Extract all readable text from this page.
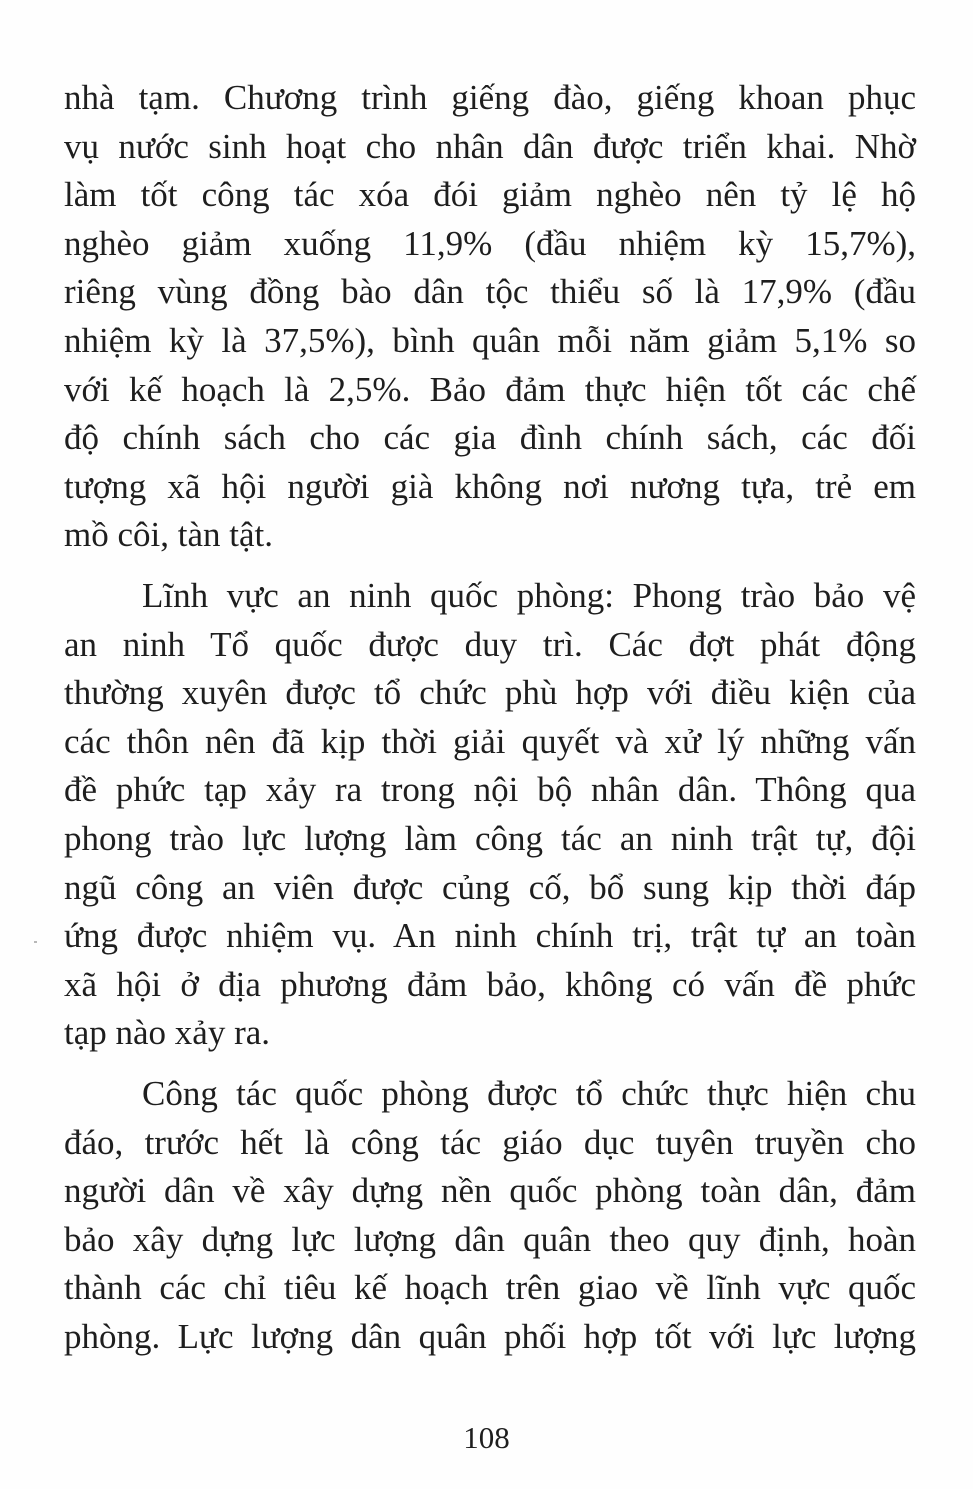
nhà tạm. Chương trình giếng đào, giếng khoan phục
vụ nước sinh hoạt cho nhân dân được triển khai. Nhờ
làm tốt công tác xóa đói giảm nghèo nên tỷ lệ hộ
nghèo giảm xuống 11,9% (đầu nhiệm kỳ 15,7%),
riêng vùng đồng bào dân tộc thiểu số là 17,9% (đầu
nhiệm kỳ là 37,5%), bình quân mỗi năm giảm 5,1% so
với kế hoạch là 2,5%. Bảo đảm thực hiện tốt các chế
độ chính sách cho các gia đình chính sách, các đối
tượng xã hội người già không nơi nương tựa, trẻ em
mồ côi, tàn tật.
Lĩnh vực an ninh quốc phòng: Phong trào bảo vệ
an ninh Tổ quốc được duy trì. Các đợt phát động
thường xuyên được tổ chức phù hợp với điều kiện của
các thôn nên đã kịp thời giải quyết và xử lý những vấn
đề phức tạp xảy ra trong nội bộ nhân dân. Thông qua
phong trào lực lượng làm công tác an ninh trật tự, đội
ngũ công an viên được củng cố, bổ sung kịp thời đáp
ứng được nhiệm vụ. An ninh chính trị, trật tự an toàn
xã hội ở địa phương đảm bảo, không có vấn đề phức
tạp nào xảy ra.
Công tác quốc phòng được tổ chức thực hiện chu
đáo, trước hết là công tác giáo dục tuyên truyền cho
người dân về xây dựng nền quốc phòng toàn dân, đảm
bảo xây dựng lực lượng dân quân theo quy định, hoàn
thành các chỉ tiêu kế hoạch trên giao về lĩnh vực quốc
phòng. Lực lượng dân quân phối hợp tốt với lực lượng
108
